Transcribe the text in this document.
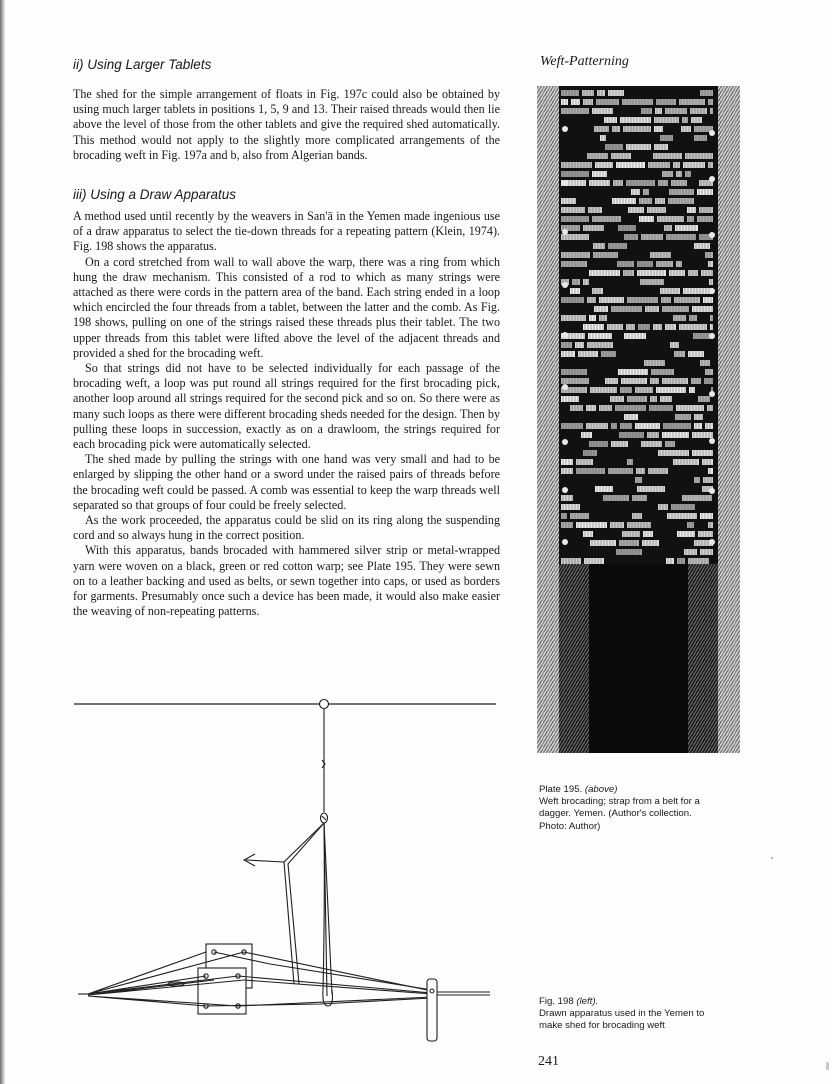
ii) Using Larger Tablets	Weft-Patterning

The shed for the simple arrangement of floats in Fig. 197c could also be obtained by using much larger tablets in positions 1, 5, 9 and 13. Their raised threads would then lie above the level of those from the other tablets and give the required shed automatically. This method would not apply to the slightly more complicated arrangements of the brocading weft in Fig. 197a and b, also from Algerian bands.

iii) Using a Draw Apparatus

A method used until recently by the weavers in San'ā in the Yemen made ingenious use of a draw apparatus to select the tie-down threads for a repeating pattern (Klein, 1974). Fig. 198 shows the apparatus.

On a cord stretched from wall to wall above the warp, there was a ring from which hung the draw mechanism. This consisted of a rod to which as many strings were attached as there were cords in the pattern area of the band. Each string ended in a loop which encircled the four threads from a tablet, between the latter and the comb. As Fig. 198 shows, pulling on one of the strings raised these threads plus their tablet. The two upper threads from this tablet were lifted above the level of the adjacent threads and provided a shed for the brocading weft.

So that strings did not have to be selected individually for each passage of the brocading weft, a loop was put round all strings required for the first brocading pick, another loop around all strings required for the second pick and so on. So there were as many such loops as there were different brocading sheds needed for the design. Then by pulling these loops in succession, exactly as on a drawloom, the strings required for each brocading pick were automatically selected.

The shed made by pulling the strings with one hand was very small and had to be enlarged by slipping the other hand or a sword under the raised pairs of threads before the brocading weft could be passed. A comb was essential to keep the warp threads well separated so that groups of four could be freely selected.

As the work proceeded, the apparatus could be slid on its ring along the suspending cord and so always hung in the correct position.

With this apparatus, bands brocaded with hammered silver strip or metal-wrapped yarn were woven on a black, green or red cotton warp; see Plate 195. They were sewn on to a leather backing and used as belts, or sewn together into caps, or used as borders for garments. Presumably once such a device has been made, it would also make easier the weaving of non-repeating patterns.

Plate 195. (above)
Weft brocading; strap from a belt for a
dagger. Yemen. (Author's collection.
Photo: Author)
Fig. 198 (left).
Drawn apparatus used in the Yemen to
make shed for brocading weft
241
